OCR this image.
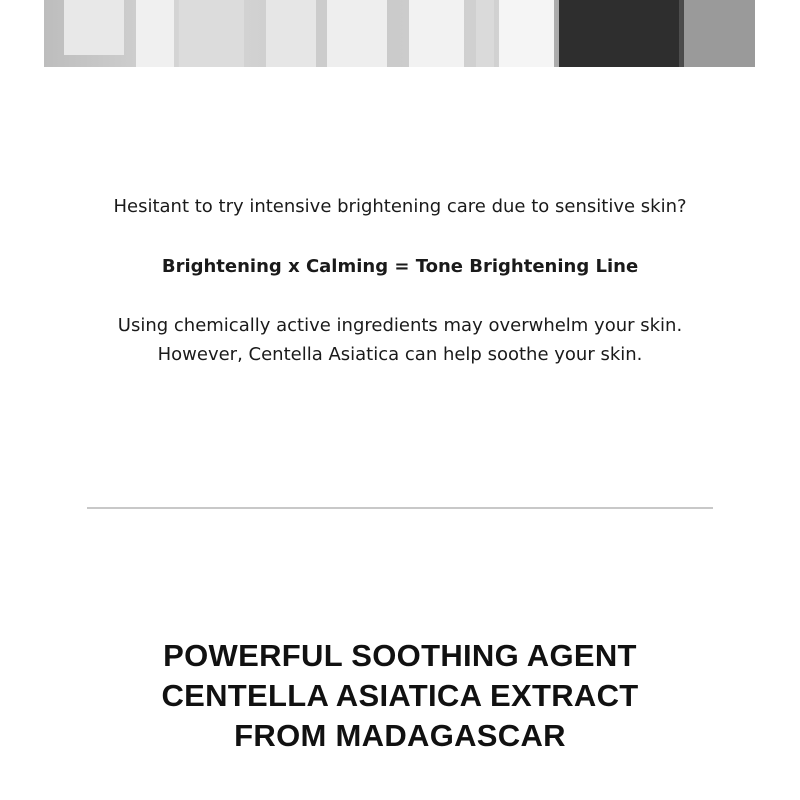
Hesitant to try intensive brightening care due to sensitive skin?
Brightening x Calming = Tone Brightening Line
Using chemically active ingredients may overwhelm your skin.
However, Centella Asiatica can help soothe your skin.
POWERFUL SOOTHING AGENT
CENTELLA ASIATICA EXTRACT
FROM MADAGASCAR
